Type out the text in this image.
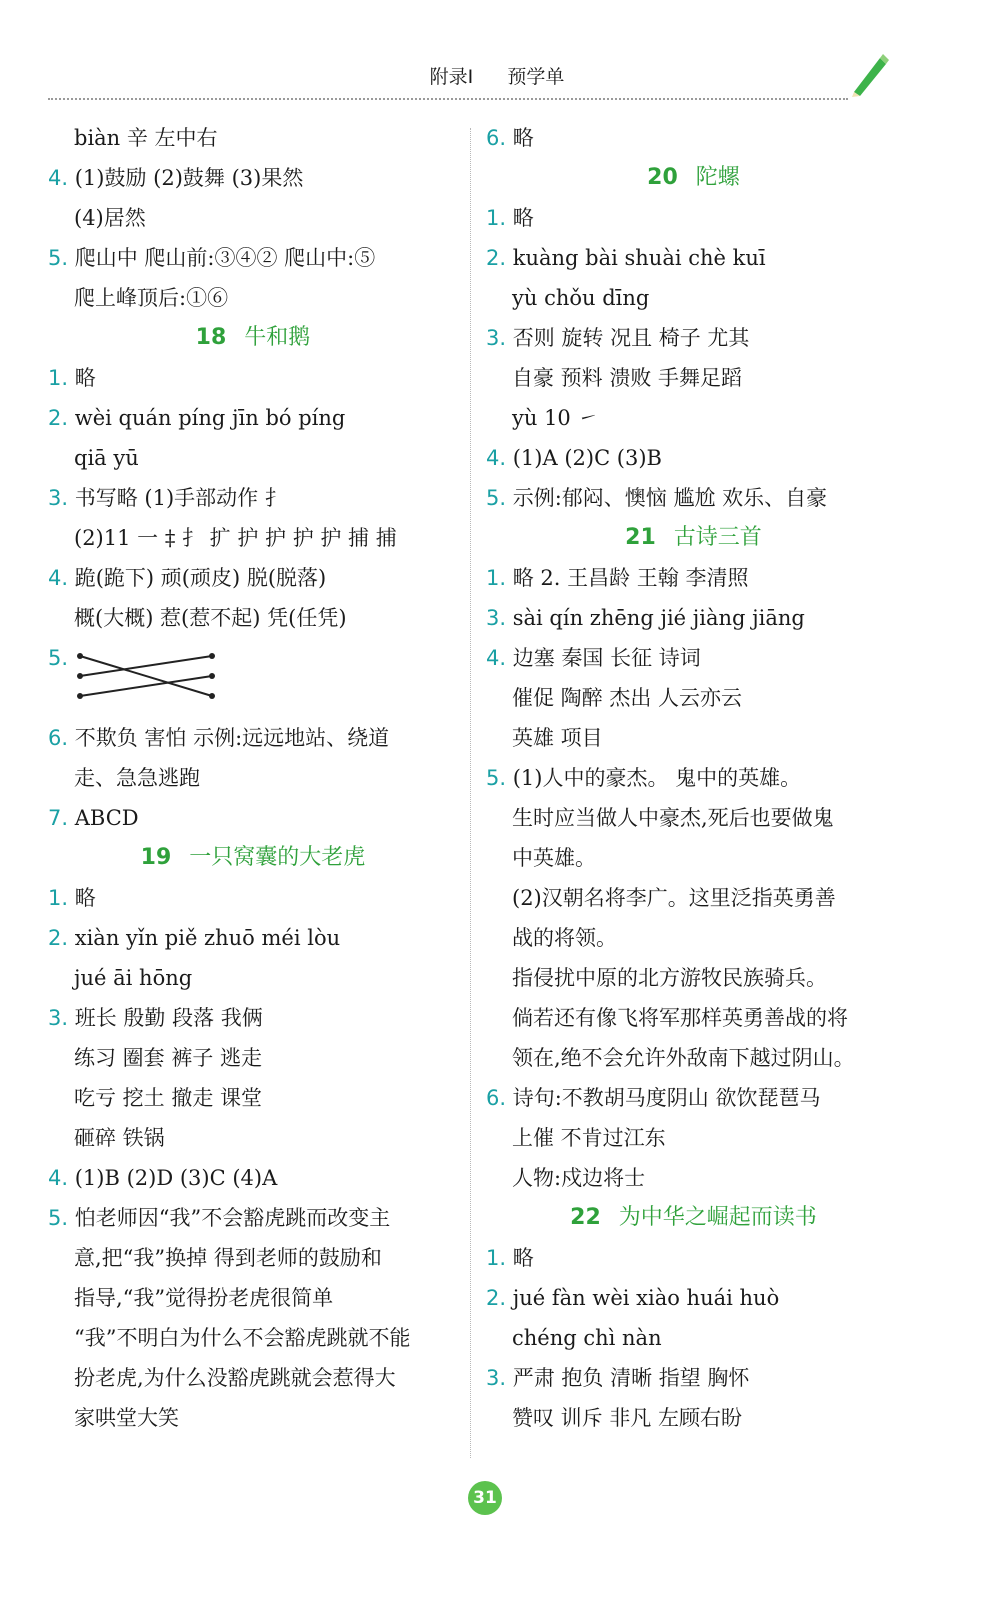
附录Ⅰ 预学单
biàn 辛 左中右
4. (1)鼓励 (2)鼓舞 (3)果然
(4)居然
5. 爬山中 爬山前:③④② 爬山中:⑤
爬上峰顶后:①⑥
18 牛和鹅
1. 略
2. wèi quán píng jīn bó píng
qiā yū
3. 书写略 (1)手部动作 扌
(2)11 一 ‡ 扌 扩 护 护 护 护 捕 捕
4. 跪(跪下) 顽(顽皮) 脱(脱落)
概(大概) 惹(惹不起) 凭(任凭)
5.
6. 不欺负 害怕 示例:远远地站、绕道
走、急急逃跑
7. ABCD
19 一只窝囊的大老虎
1. 略
2. xiàn yǐn piě zhuō méi lòu
jué āi hōng
3. 班长 殷勤 段落 我俩
练习 圈套 裤子 逃走
吃亏 挖土 撤走 课堂
砸碎 铁锅
4. (1)B (2)D (3)C (4)A
5. 怕老师因“我”不会豁虎跳而改变主
意,把“我”换掉 得到老师的鼓励和
指导,“我”觉得扮老虎很简单
“我”不明白为什么不会豁虎跳就不能
扮老虎,为什么没豁虎跳就会惹得大
家哄堂大笑
6. 略
20 陀螺
1. 略
2. kuàng bài shuài chè kuī
yù chǒu dīng
3. 否则 旋转 况且 椅子 尤其
自豪 预料 溃败 手舞足蹈
yù 10 ㇀
4. (1)A (2)C (3)B
5. 示例:郁闷、懊恼 尴尬 欢乐、自豪
21 古诗三首
1. 略 2. 王昌龄 王翰 李清照
3. sài qín zhēng jié jiàng jiāng
4. 边塞 秦国 长征 诗词
催促 陶醉 杰出 人云亦云
英雄 项目
5. (1)人中的豪杰。 鬼中的英雄。
生时应当做人中豪杰,死后也要做鬼
中英雄。
(2)汉朝名将李广。这里泛指英勇善
战的将领。
指侵扰中原的北方游牧民族骑兵。
倘若还有像飞将军那样英勇善战的将
领在,绝不会允许外敌南下越过阴山。
6. 诗句:不教胡马度阴山 欲饮琵琶马
上催 不肯过江东
人物:戍边将士
22 为中华之崛起而读书
1. 略
2. jué fàn wèi xiào huái huò
chéng chì nàn
3. 严肃 抱负 清晰 指望 胸怀
赞叹 训斥 非凡 左顾右盼
31
